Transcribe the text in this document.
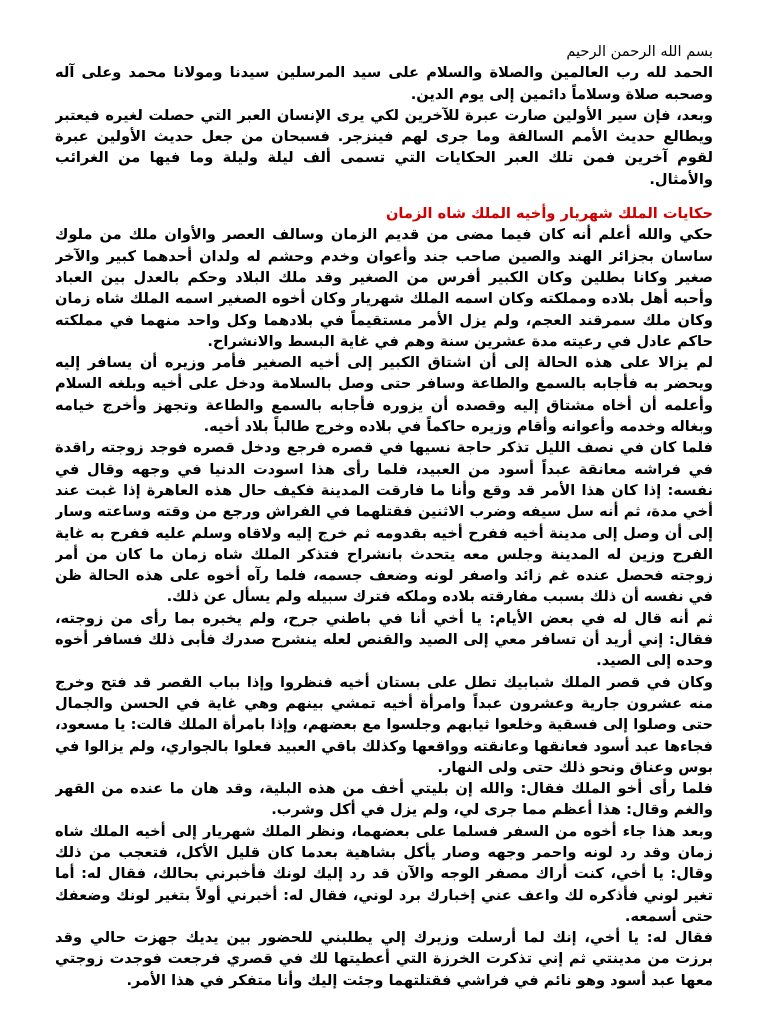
بسم الله الرحمن الرحيم

الحمد لله رب العالمين والصلاة والسلام على سيد المرسلين سيدنا ومولانا محمد وعلى آله وصحبه صلاة وسلاماً دائمين إلى يوم الدين.

وبعد، فإن سير الأولين صارت عبرة للآخرين لكي يرى الإنسان العبر التي حصلت لغيره فيعتبر ويطالع حديث الأمم السالفة وما جرى لهم فينزجر. فسبحان من جعل حديث الأولين عبرة لقوم آخرين فمن تلك العبر الحكايات التي تسمى ألف ليلة وليلة وما فيها من الغرائب والأمثال.

حكايات الملك شهريار وأخيه الملك شاه الزمان

حكي والله أعلم أنه كان فيما مضى من قديم الزمان وسالف العصر والأوان ملك من ملوك ساسان بجزائر الهند والصين صاحب جند وأعوان وخدم وحشم له ولدان أحدهما كبير والآخر صغير وكانا بطلين وكان الكبير أفرس من الصغير وقد ملك البلاد وحكم بالعدل بين العباد وأحبه أهل بلاده ومملكته وكان اسمه الملك شهريار وكان أخوه الصغير اسمه الملك شاه زمان وكان ملك سمرقند العجم، ولم يزل الأمر مستقيماً في بلادهما وكل واحد منهما في مملكته حاكم عادل في رعيته مدة عشرين سنة وهم في غاية البسط والانشراح.

لم يزالا على هذه الحالة إلى أن اشتاق الكبير إلى أخيه الصغير فأمر وزيره أن يسافر إليه ويحضر به فأجابه بالسمع والطاعة وسافر حتى وصل بالسلامة ودخل على أخيه وبلغه السلام وأعلمه أن أخاه مشتاق إليه وقصده أن يزوره فأجابه بالسمع والطاعة وتجهز وأخرج خيامه وبغاله وخدمه وأعوانه وأقام وزيره حاكماً في بلاده وخرج طالباً بلاد أخيه.

فلما كان في نصف الليل تذكر حاجة نسيها في قصره فرجع ودخل قصره فوجد زوجته راقدة في فراشه معانقة عبداً أسود من العبيد، فلما رأى هذا اسودت الدنيا في وجهه وقال في نفسه: إذا كان هذا الأمر قد وقع وأنا ما فارقت المدينة فكيف حال هذه العاهرة إذا غبت عند أخي مدة، ثم أنه سل سيفه وضرب الاثنين فقتلهما في الفراش ورجع من وقته وساعته وسار إلى أن وصل إلى مدينة أخيه ففرح أخيه بقدومه ثم خرج إليه ولاقاه وسلم عليه ففرح به غاية الفرح وزين له المدينة وجلس معه يتحدث بانشراح فتذكر الملك شاه زمان ما كان من أمر زوجته فحصل عنده غم زائد واصفر لونه وضعف جسمه، فلما رآه أخوه على هذه الحالة ظن في نفسه أن ذلك بسبب مفارقته بلاده وملكه فترك سبيله ولم يسأل عن ذلك.

ثم أنه قال له في بعض الأيام: يا أخي أنا في باطني جرح، ولم يخبره بما رأى من زوجته، فقال: إني أريد أن تسافر معي إلى الصيد والقنص لعله ينشرح صدرك فأبى ذلك فسافر أخوه وحده إلى الصيد.

وكان في قصر الملك شبابيك تطل على بستان أخيه فنظروا وإذا بباب القصر قد فتح وخرج منه عشرون جارية وعشرون عبداً وامرأة أخيه تمشي بينهم وهي غاية في الحسن والجمال حتى وصلوا إلى فسقية وخلعوا ثيابهم وجلسوا مع بعضهم، وإذا بامرأة الملك قالت: يا مسعود، فجاءها عبد أسود فعانقها وعانقته وواقعها وكذلك باقي العبيد فعلوا بالجواري، ولم يزالوا في بوس وعناق ونحو ذلك حتى ولى النهار.

فلما رأى أخو الملك فقال: والله إن بليتي أخف من هذه البلية، وقد هان ما عنده من القهر والغم وقال: هذا أعظم مما جرى لي، ولم يزل في أكل وشرب.

وبعد هذا جاء أخوه من السفر فسلما على بعضهما، ونظر الملك شهريار إلى أخيه الملك شاه زمان وقد رد لونه واحمر وجهه وصار يأكل بشاهية بعدما كان قليل الأكل، فتعجب من ذلك وقال: يا أخي، كنت أراك مصفر الوجه والآن قد رد إليك لونك فأخبرني بحالك، فقال له: أما تغير لوني فأذكره لك واعف عني إخبارك برد لوني، فقال له: أخبرني أولاً بتغير لونك وضعفك حتى أسمعه.

فقال له: يا أخي، إنك لما أرسلت وزيرك إلي يطلبني للحضور بين يديك جهزت حالي وقد برزت من مدينتي ثم إني تذكرت الخرزة التي أعطيتها لك في قصري فرجعت فوجدت زوجتي معها عبد أسود وهو نائم في فراشي فقتلتهما وجئت إليك وأنا متفكر في هذا الأمر.
